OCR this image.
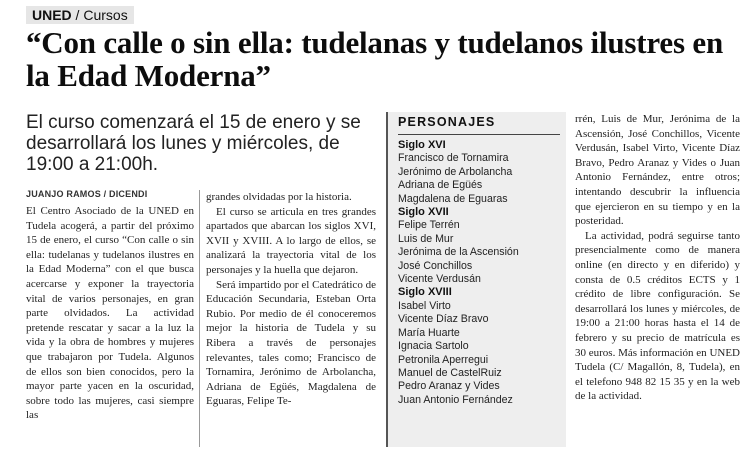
UNED / Cursos
“Con calle o sin ella: tudelanas y tudelanos ilustres en la Edad Moderna”
El curso comenzará el 15 de enero y se desarrollará los lunes y miércoles, de 19:00 a 21:00h.
JUANJO RAMOS / DICENDI

El Centro Asociado de la UNED en Tudela acogerá, a partir del próximo 15 de enero, el curso “Con calle o sin ella: tudelanas y tudelanos ilustres en la Edad Moderna” con el que busca acercarse y exponer la trayectoria vital de varios personajes, en gran parte olvidados. La actividad pretende rescatar y sacar a la luz la vida y la obra de hombres y mujeres que trabajaron por Tudela. Algunos de ellos son bien conocidos, pero la mayor parte yacen en la oscuridad, sobre todo las mujeres, casi siempre las

grandes olvidadas por la historia.

El curso se articula en tres grandes apartados que abarcan los siglos XVI, XVII y XVIII. A lo largo de ellos, se analizará la trayectoria vital de los personajes y la huella que dejaron.

Será impartido por el Catedrático de Educación Secundaria, Esteban Orta Rubio. Por medio de él conoceremos mejor la historia de Tudela y su Ribera a través de personajes relevantes, tales como; Francisco de Tornamira, Jerónimo de Arbolancha, Adriana de Egüés, Magdalena de Eguaras, Felipe Te-

PERSONAJES
Siglo XVI
Francisco de Tornamira
Jerónimo de Arbolancha
Adriana de Egüés
Magdalena de Eguaras
Siglo XVII
Felipe Terrén
Luis de Mur
Jerónima de la Ascensión
José Conchillos
Vicente Verdusán
Siglo XVIII
Isabel Virto
Vicente Díaz Bravo
María Huarte
Ignacia Sartolo
Petronila Aperregui
Manuel de CastelRuiz
Pedro Aranaz y Vides
Juan Antonio Fernández

rrén, Luis de Mur, Jerónima de la Ascensión, José Conchillos, Vicente Verdusán, Isabel Virto, Vicente Díaz Bravo, Pedro Aranaz y Vides o Juan Antonio Fernández, entre otros; intentando descubrir la influencia que ejercieron en su tiempo y en la posteridad.

La actividad, podrá seguirse tanto presencialmente como de manera online (en directo y en diferido) y consta de 0.5 créditos ECTS y 1 crédito de libre configuración. Se desarrollará los lunes y miércoles, de 19:00 a 21:00 horas hasta el 14 de febrero y su precio de matrícula es 30 euros. Más información en UNED Tudela (C/ Magallón, 8, Tudela), en el telefono 948 82 15 35 y en la web de la actividad.
